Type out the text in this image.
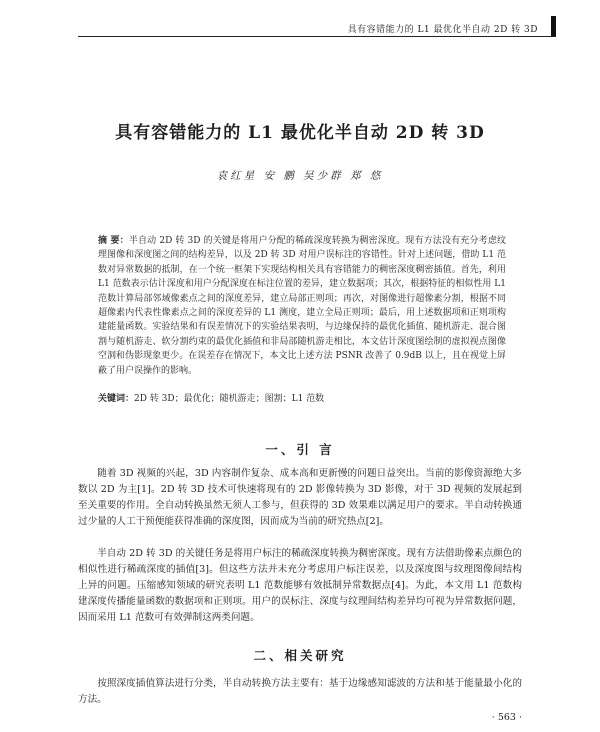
具有容错能力的 L1 最优化半自动 2D 转 3D
具有容错能力的 L1 最优化半自动 2D 转 3D
袁红星 安 鹏 吴少群 郑 悠
摘 要：半自动 2D 转 3D 的关键是将用户分配的稀疏深度转换为稠密深度。现有方法没有充分考虑纹理图像和深度图之间的结构差异，以及 2D 转 3D 对用户误标注的容错性。针对上述问题，借助 L1 范数对异常数据的抵制，在一个统一框架下实现结构相关具有容错能力的稠密深度稠密插值。首先，利用 L1 范数表示估计深度和用户分配深度在标注位置的差异，建立数据项；其次，根据特征的相似性用 L1 范数计算局部邻域像素点之间的深度差异，建立局部正则项；再次，对图像进行超像素分割，根据不同超像素内代表性像素点之间的深度差异的 L1 测度，建立全局正则项；最后，用上述数据项和正则项构建能量函数。实验结果和有误差情况下的实验结果表明，与边缘保持的最优化插值、随机游走、混合图割与随机游走、软分割约束的最优化插值和非局部随机游走相比，本文估计深度图绘制的虚拟视点图像空洞和伪影现象更少。在误差存在情况下，本文比上述方法 PSNR 改善了 0.9dB 以上，且在视觉上屏蔽了用户误操作的影响。
关键词：2D 转 3D；最优化；随机游走；图割；L1 范数
一、引 言
随着 3D 视频的兴起，3D 内容制作复杂、成本高和更新慢的问题日益突出。当前的影像资源绝大多数以 2D 为主[1]。2D 转 3D 技术可快速将现有的 2D 影像转换为 3D 影像，对于 3D 视频的发展起到至关重要的作用。全自动转换虽然无须人工参与，但获得的 3D 效果难以满足用户的要求。半自动转换通过少量的人工干预便能获得准确的深度图，因而成为当前的研究热点[2]。
半自动 2D 转 3D 的关键任务是将用户标注的稀疏深度转换为稠密深度。现有方法借助像素点颜色的相似性进行稀疏深度的插值[3]。但这些方法并未充分考虑用户标注误差，以及深度图与纹理图像间结构上异的问题。压缩感知领域的研究表明 L1 范数能够有效抵制异常数据点[4]。为此，本文用 L1 范数构建深度传播能量函数的数据项和正则项。用户的误标注、深度与纹理间结构差异均可视为异常数据问题，因而采用 L1 范数可有效弹制这两类问题。
二、相关研究
按照深度插值算法进行分类，半自动转换方法主要有：基于边缘感知滤波的方法和基于能量最小化的方法。
· 563 ·
